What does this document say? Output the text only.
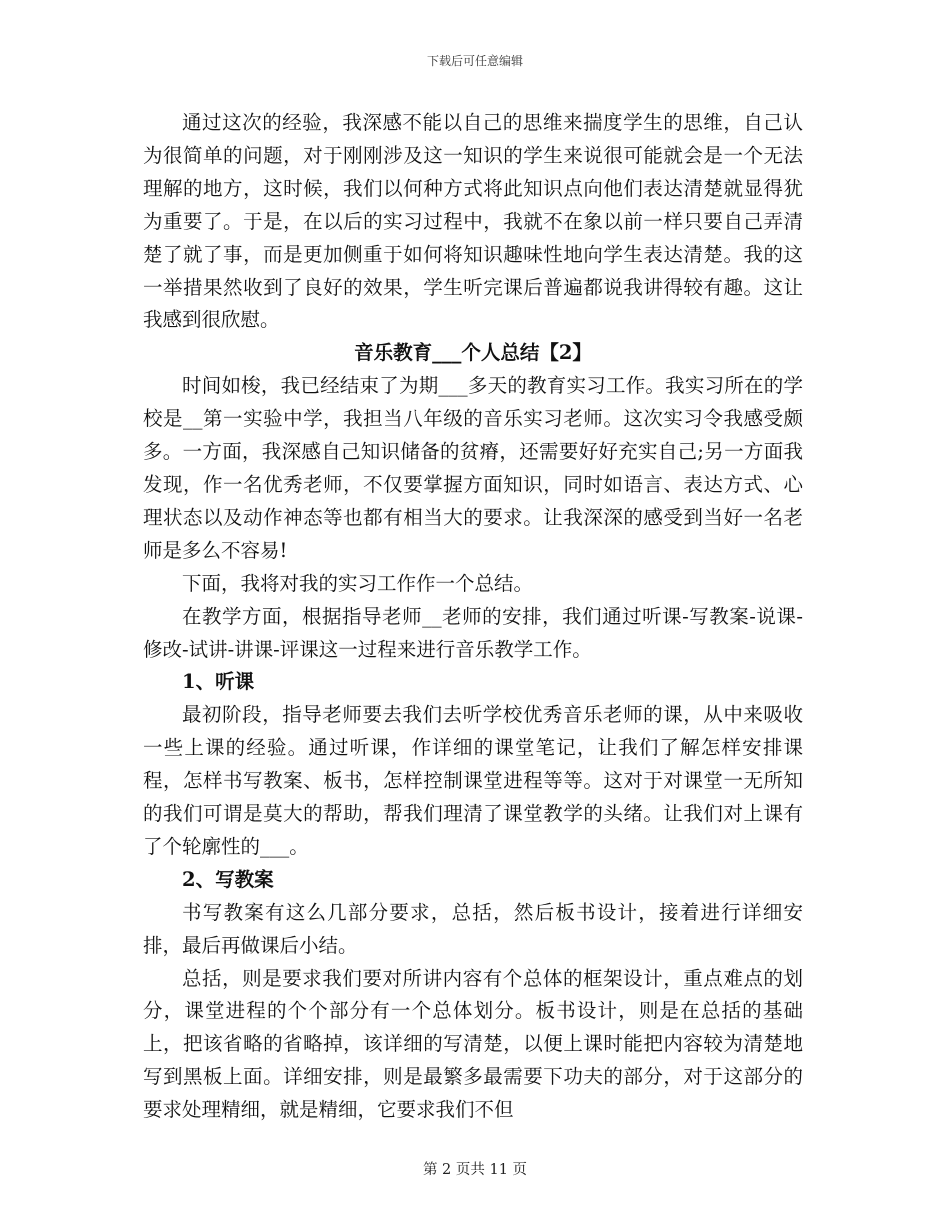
下载后可任意编辑

通过这次的经验，我深感不能以自己的思维来揣度学生的思维，自己认为很简单的问题，对于刚刚涉及这一知识的学生来说很可能就会是一个无法理解的地方，这时候，我们以何种方式将此知识点向他们表达清楚就显得犹为重要了。于是，在以后的实习过程中，我就不在象以前一样只要自己弄清楚了就了事，而是更加侧重于如何将知识趣味性地向学生表达清楚。我的这一举措果然收到了良好的效果，学生听完课后普遍都说我讲得较有趣。这让我感到很欣慰。

音乐教育___个人总结【2】

时间如梭，我已经结束了为期___多天的教育实习工作。我实习所在的学校是__第一实验中学，我担当八年级的音乐实习老师。这次实习令我感受颇多。一方面，我深感自己知识储备的贫瘠，还需要好好充实自己;另一方面我发现，作一名优秀老师，不仅要掌握方面知识，同时如语言、表达方式、心理状态以及动作神态等也都有相当大的要求。让我深深的感受到当好一名老师是多么不容易!

下面，我将对我的实习工作作一个总结。

在教学方面，根据指导老师__老师的安排，我们通过听课-写教案-说课-修改-试讲-讲课-评课这一过程来进行音乐教学工作。

1、听课

最初阶段，指导老师要去我们去听学校优秀音乐老师的课，从中来吸收一些上课的经验。通过听课，作详细的课堂笔记，让我们了解怎样安排课程，怎样书写教案、板书，怎样控制课堂进程等等。这对于对课堂一无所知的我们可谓是莫大的帮助，帮我们理清了课堂教学的头绪。让我们对上课有了个轮廓性的___。

2、写教案

书写教案有这么几部分要求，总括，然后板书设计，接着进行详细安排，最后再做课后小结。

总括，则是要求我们要对所讲内容有个总体的框架设计，重点难点的划分，课堂进程的个个部分有一个总体划分。板书设计，则是在总括的基础上，把该省略的省略掉，该详细的写清楚，以便上课时能把内容较为清楚地写到黑板上面。详细安排，则是最繁多最需要下功夫的部分，对于这部分的要求处理精细，就是精细，它要求我们不但

第 2 页共 11 页
